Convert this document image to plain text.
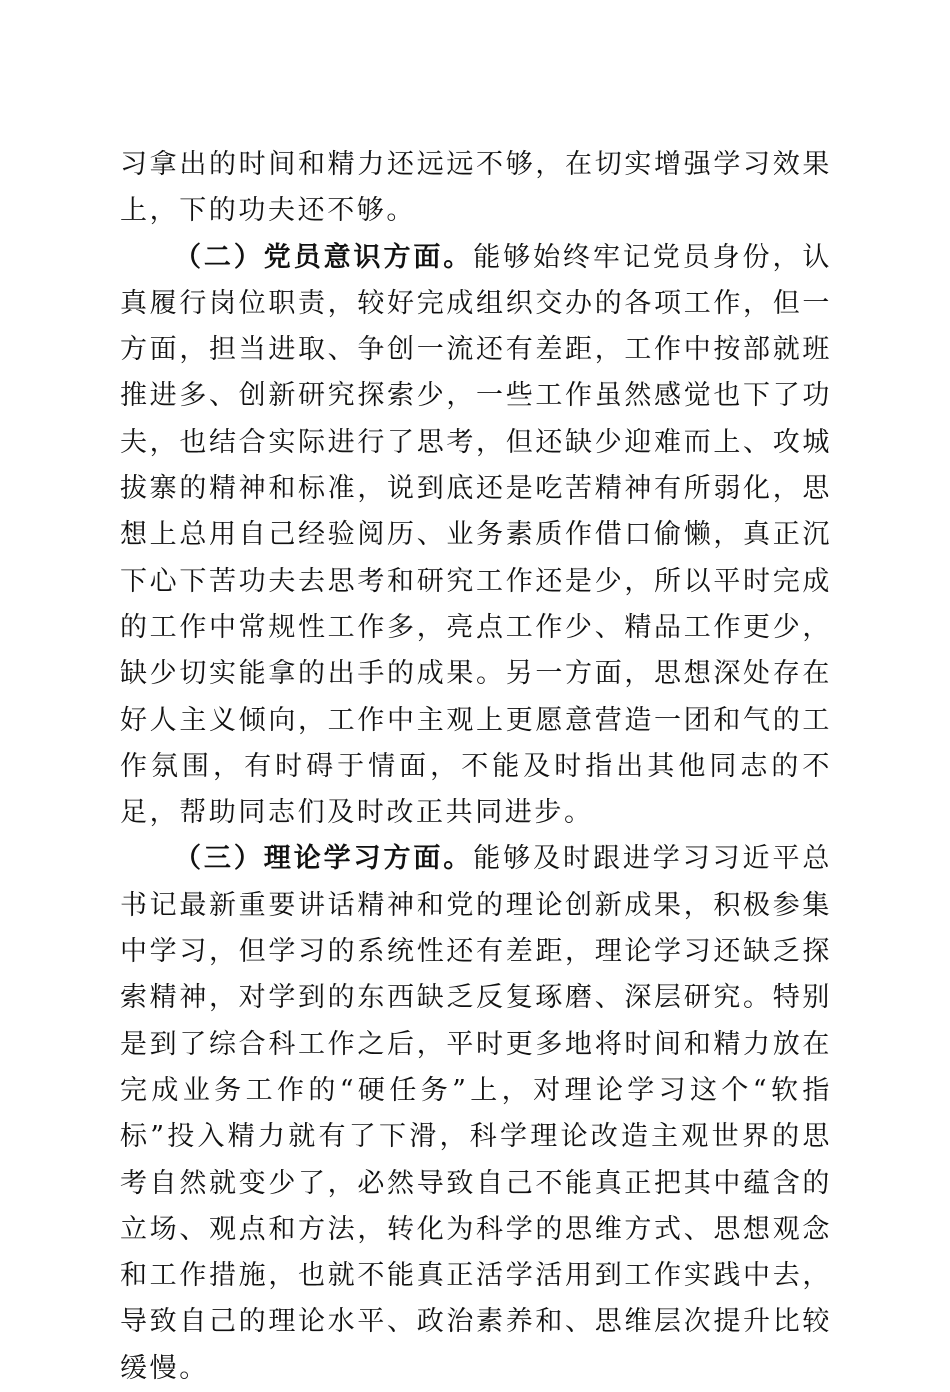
习拿出的时间和精力还远远不够，在切实增强学习效果上，下的功夫还不够。

（二）党员意识方面。能够始终牢记党员身份，认真履行岗位职责，较好完成组织交办的各项工作，但一方面，担当进取、争创一流还有差距，工作中按部就班推进多、创新研究探索少，一些工作虽然感觉也下了功夫，也结合实际进行了思考，但还缺少迎难而上、攻城拔寨的精神和标准，说到底还是吃苦精神有所弱化，思想上总用自己经验阅历、业务素质作借口偷懒，真正沉下心下苦功夫去思考和研究工作还是少，所以平时完成的工作中常规性工作多，亮点工作少、精品工作更少，缺少切实能拿的出手的成果。另一方面，思想深处存在好人主义倾向，工作中主观上更愿意营造一团和气的工作氛围，有时碍于情面，不能及时指出其他同志的不足，帮助同志们及时改正共同进步。

（三）理论学习方面。能够及时跟进学习习近平总书记最新重要讲话精神和党的理论创新成果，积极参集中学习，但学习的系统性还有差距，理论学习还缺乏探索精神，对学到的东西缺乏反复琢磨、深层研究。特别是到了综合科工作之后，平时更多地将时间和精力放在完成业务工作的“硬任务”上，对理论学习这个“软指标”投入精力就有了下滑，科学理论改造主观世界的思考自然就变少了，必然导致自己不能真正把其中蕴含的立场、观点和方法，转化为科学的思维方式、思想观念和工作措施，也就不能真正活学活用到工作实践中去，导致自己的理论水平、政治素养和、思维层次提升比较缓慢。
